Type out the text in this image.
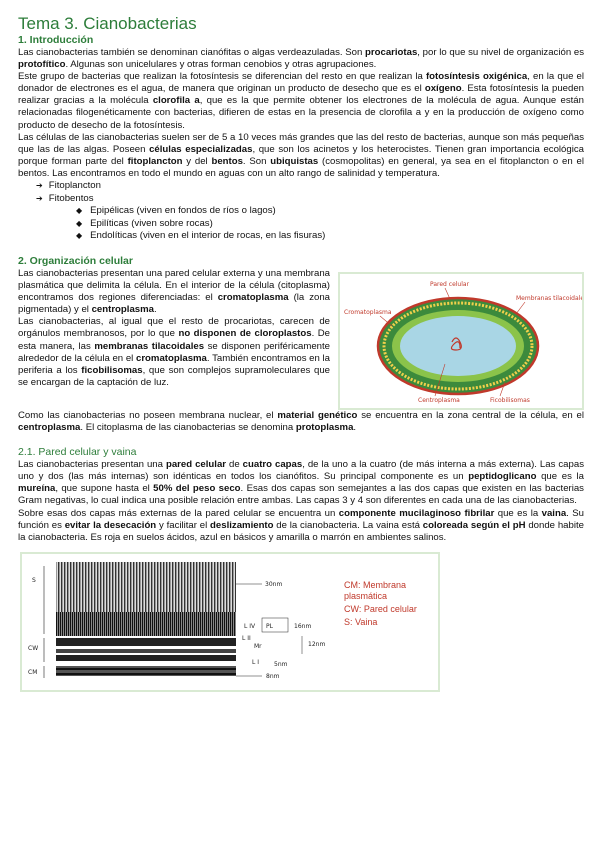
Tema 3. Cianobacterias
1. Introducción

Las cianobacterias también se denominan cianófitas o algas verdeazuladas. Son procariotas, por lo que su nivel de organización es protofítico. Algunas son unicelulares y otras forman cenobios y otras agrupaciones.

Este grupo de bacterias que realizan la fotosíntesis se diferencian del resto en que realizan la fotosíntesis oxigénica, en la que el donador de electrones es el agua, de manera que originan un producto de desecho que es el oxígeno. Esta fotosíntesis la pueden realizar gracias a la molécula clorofila a, que es la que permite obtener los electrones de la molécula de agua. Aunque están relacionadas filogenéticamente con bacterias, difieren de estas en la presencia de clorofila a y en la producción de oxígeno como producto de desecho de la fotosíntesis.

Las células de las cianobacterias suelen ser de 5 a 10 veces más grandes que las del resto de bacterias, aunque son más pequeñas que las de las algas. Poseen células especializadas, que son los acinetos y los heterocistes. Tienen gran importancia ecológica porque forman parte del fitoplancton y del bentos. Son ubiquistas (cosmopolitas) en general, ya sea en el fitoplancton o en el bentos. Las encontramos en todo el mundo en aguas con un alto rango de salinidad y temperatura.

➔ Fitoplancton
➔ Fitobentos
◆ Epipélicas (viven en fondos de ríos o lagos)
◆ Epilíticas (viven sobre rocas)
◆ Endolíticas (viven en el interior de rocas, en las fisuras)
2. Organización celular

Las cianobacterias presentan una pared celular externa y una membrana plasmática que delimita la célula. En el interior de la célula (citoplasma) encontramos dos regiones diferenciadas: el cromatoplasma (la zona pigmentada) y el centroplasma.

Las cianobacterias, al igual que el resto de procariotas, carecen de orgánulos membranosos, por lo que no disponen de cloroplastos. De esta manera, las membranas tilacoidales se disponen periféricamente alrededor de la célula en el cromatoplasma. También encontramos en la periferia a los ficobilisomas, que son complejos supramoleculares que se encargan de la captación de luz.

Pared celular
Membranas tilacoidales
Cromatoplasma
Centroplasma	Ficobilisomas

Como las cianobacterias no poseen membrana nuclear, el material genético se encuentra en la zona central de la célula, en el centroplasma. El citoplasma de las cianobacterias se denomina protoplasma.

2.1. Pared celular y vaina

Las cianobacterias presentan una pared celular de cuatro capas, de la uno a la cuatro (de más interna a más externa). Las capas uno y dos (las más internas) son idénticas en todos los cianófitos. Su principal componente es un peptidoglicano que es la mureína, que supone hasta el 50% del peso seco. Esas dos capas son semejantes a las dos capas que existen en las bacterias Gram negativas, lo cual indica una posible relación entre ambas. Las capas 3 y 4 son diferentes en cada una de las cianobacterias.

Sobre esas dos capas más externas de la pared celular se encuentra un componente mucilaginoso fibrilar que es la vaina. Su función es evitar la desecación y facilitar el deslizamiento de la cianobacteria. La vaina está coloreada según el pH donde habite la cianobacteria. Es roja en suelos ácidos, azul en básicos y amarilla o marrón en ambientes salinos.

S
CW
CM
30nm
L IV PL	16nm
L II
Mr	12nm
L I 5nm
8nm
CM: Membrana
plasmática
CW: Pared celular
S: Vaina
